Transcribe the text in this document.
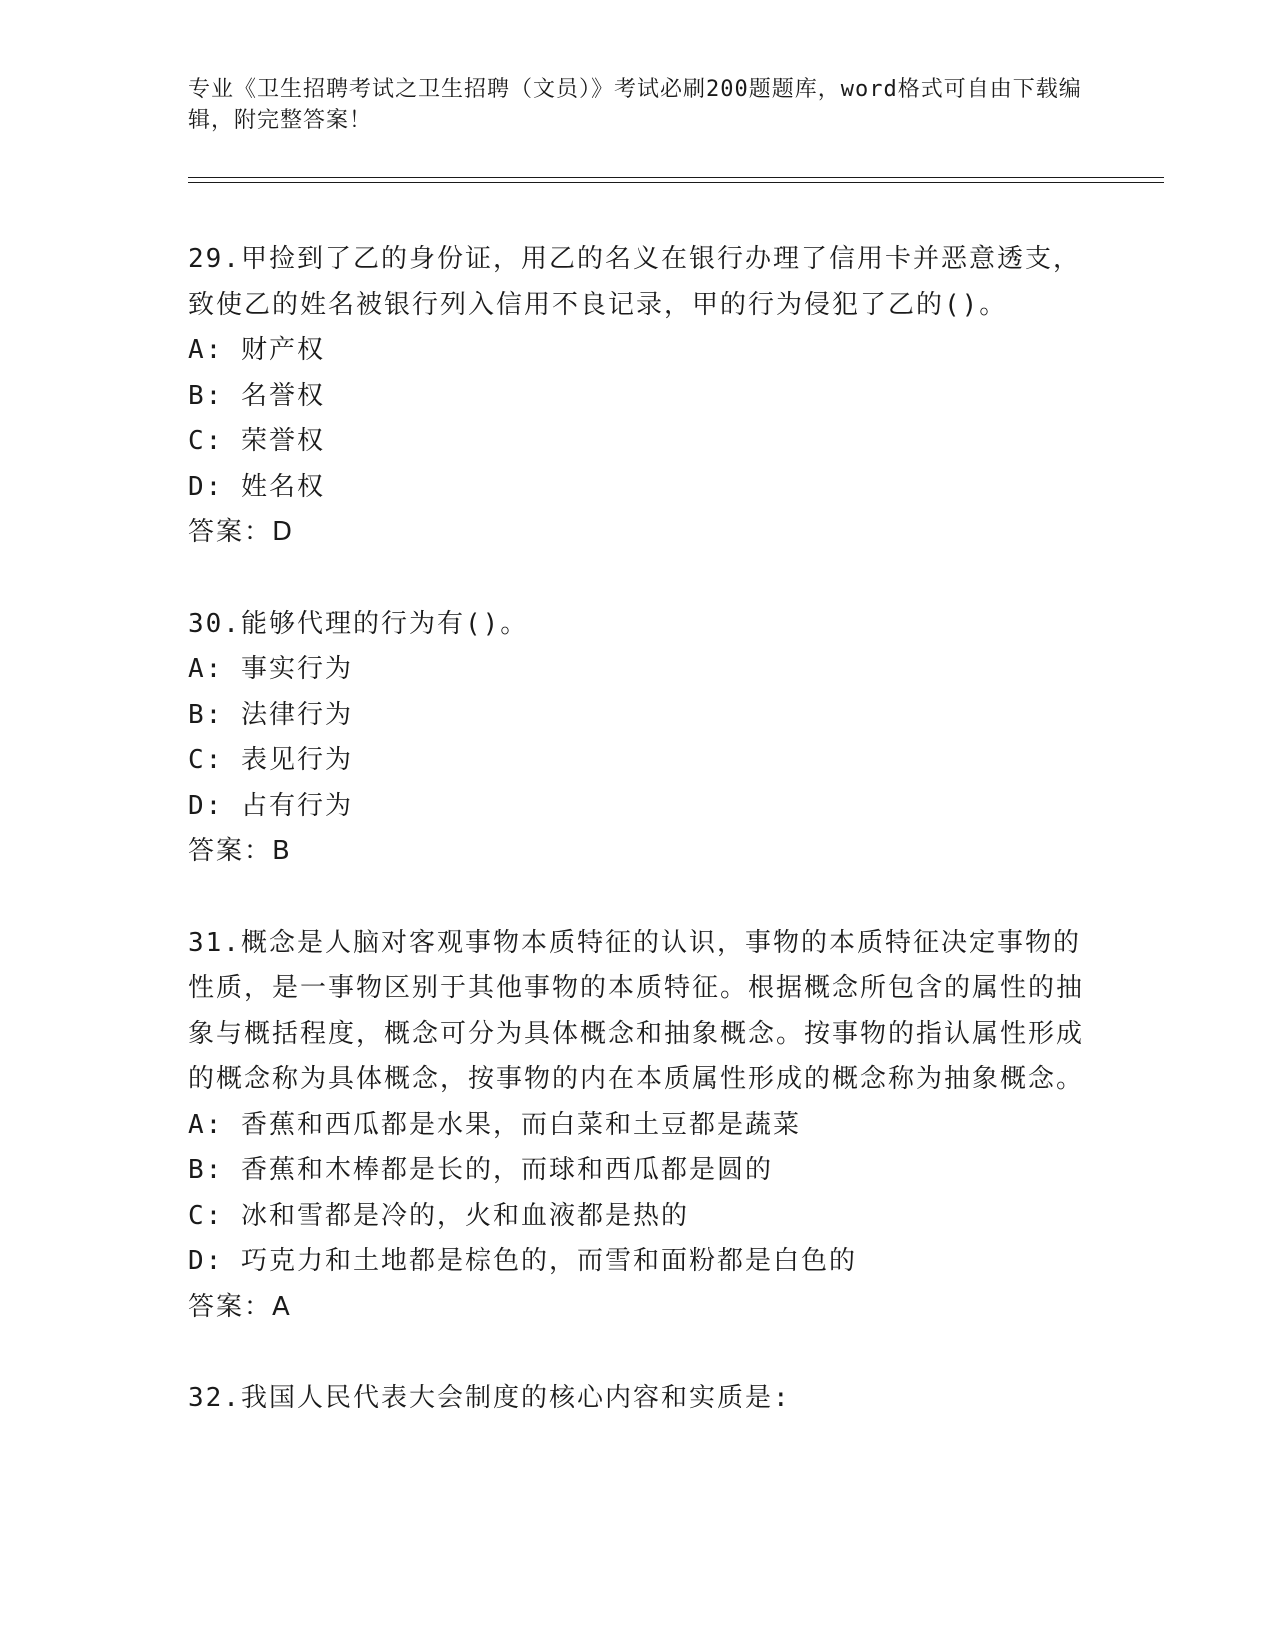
专业《卫生招聘考试之卫生招聘（文员）》考试必刷200题题库，word格式可自由下载编辑，附完整答案！

29.甲捡到了乙的身份证，用乙的名义在银行办理了信用卡并恶意透支，致使乙的姓名被银行列入信用不良记录，甲的行为侵犯了乙的()。

A: 财产权

B: 名誉权

C: 荣誉权

D: 姓名权

答案：D

30.能够代理的行为有()。

A: 事实行为

B: 法律行为

C: 表见行为

D: 占有行为

答案：B

31.概念是人脑对客观事物本质特征的认识，事物的本质特征决定事物的性质，是一事物区别于其他事物的本质特征。根据概念所包含的属性的抽象与概括程度，概念可分为具体概念和抽象概念。按事物的指认属性形成的概念称为具体概念，按事物的内在本质属性形成的概念称为抽象概念。

A: 香蕉和西瓜都是水果，而白菜和土豆都是蔬菜

B: 香蕉和木棒都是长的，而球和西瓜都是圆的

C: 冰和雪都是冷的，火和血液都是热的

D: 巧克力和土地都是棕色的，而雪和面粉都是白色的

答案：A

32.我国人民代表大会制度的核心内容和实质是:
